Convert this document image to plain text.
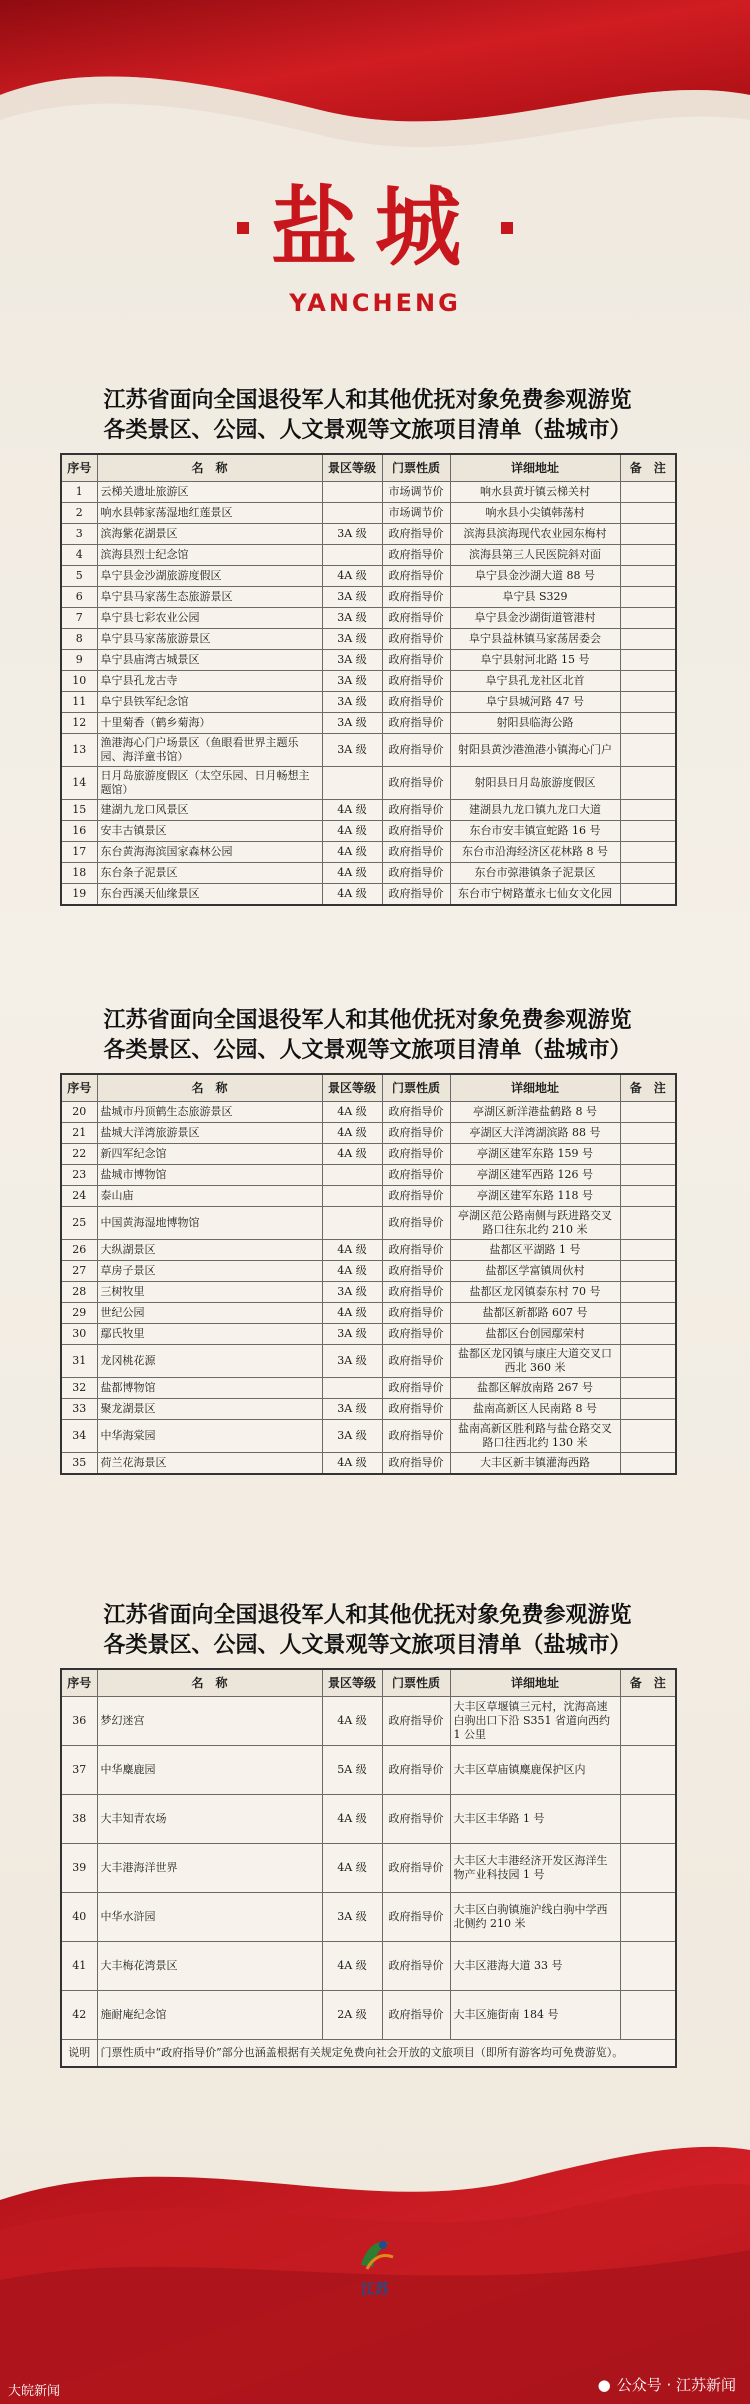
盐城
YANCHENG
江苏省面向全国退役军人和其他优抚对象免费参观游览
各类景区、公园、人文景观等文旅项目清单（盐城市）
序号	名　称	景区等级	门票性质	详细地址	备　注
1	云梯关遗址旅游区		市场调节价	响水县黄圩镇云梯关村	
2	响水县韩家荡湿地红莲景区		市场调节价	响水县小尖镇韩荡村	
3	滨海紫花湖景区	3A 级	政府指导价	滨海县滨海现代农业园东梅村	
4	滨海县烈士纪念馆		政府指导价	滨海县第三人民医院斜对面	
5	阜宁县金沙湖旅游度假区	4A 级	政府指导价	阜宁县金沙湖大道 88 号	
6	阜宁县马家荡生态旅游景区	3A 级	政府指导价	阜宁县 S329	
7	阜宁县七彩农业公园	3A 级	政府指导价	阜宁县金沙湖街道管港村	
8	阜宁县马家荡旅游景区	3A 级	政府指导价	阜宁县益林镇马家荡居委会	
9	阜宁县庙湾古城景区	3A 级	政府指导价	阜宁县射河北路 15 号	
10	阜宁县孔龙古寺	3A 级	政府指导价	阜宁县孔龙社区北首	
11	阜宁县铁军纪念馆	3A 级	政府指导价	阜宁县城河路 47 号	
12	十里菊香（鹤乡菊海）	3A 级	政府指导价	射阳县临海公路	
13	渔港海心门户场景区（鱼眼看世界主题乐园、海洋童书馆）	3A 级	政府指导价	射阳县黄沙港渔港小镇海心门户	
14	日月岛旅游度假区（太空乐园、日月畅想主题馆）		政府指导价	射阳县日月岛旅游度假区	
15	建湖九龙口风景区	4A 级	政府指导价	建湖县九龙口镇九龙口大道	
16	安丰古镇景区	4A 级	政府指导价	东台市安丰镇宣蛇路 16 号	
17	东台黄海海滨国家森林公园	4A 级	政府指导价	东台市沿海经济区花林路 8 号	
18	东台条子泥景区	4A 级	政府指导价	东台市弶港镇条子泥景区	
19	东台西溪天仙缘景区	4A 级	政府指导价	东台市宁树路董永七仙女文化园	
江苏省面向全国退役军人和其他优抚对象免费参观游览
各类景区、公园、人文景观等文旅项目清单（盐城市）
序号	名　称	景区等级	门票性质	详细地址	备　注
20	盐城市丹顶鹤生态旅游景区	4A 级	政府指导价	亭湖区新洋港盐鹤路 8 号	
21	盐城大洋湾旅游景区	4A 级	政府指导价	亭湖区大洋湾湖滨路 88 号	
22	新四军纪念馆	4A 级	政府指导价	亭湖区建军东路 159 号	
23	盐城市博物馆		政府指导价	亭湖区建军西路 126 号	
24	泰山庙		政府指导价	亭湖区建军东路 118 号	
25	中国黄海湿地博物馆		政府指导价	亭湖区范公路南侧与跃进路交叉路口往东北约 210 米	
26	大纵湖景区	4A 级	政府指导价	盐都区平湖路 1 号	
27	草房子景区	4A 级	政府指导价	盐都区学富镇周伙村	
28	三树牧里	3A 级	政府指导价	盐都区龙冈镇泰东村 70 号	
29	世纪公园	4A 级	政府指导价	盐都区新都路 607 号	
30	鄢氏牧里	3A 级	政府指导价	盐都区台创园鄢荣村	
31	龙冈桃花源	3A 级	政府指导价	盐都区龙冈镇与康庄大道交叉口西北 360 米	
32	盐都博物馆		政府指导价	盐都区解放南路 267 号	
33	聚龙湖景区	3A 级	政府指导价	盐南高新区人民南路 8 号	
34	中华海棠园	3A 级	政府指导价	盐南高新区胜利路与盐仓路交叉路口往西北约 130 米	
35	荷兰花海景区	4A 级	政府指导价	大丰区新丰镇灌海西路	
江苏省面向全国退役军人和其他优抚对象免费参观游览
各类景区、公园、人文景观等文旅项目清单（盐城市）
序号	名　称	景区等级	门票性质	详细地址	备　注
36	梦幻迷宫	4A 级	政府指导价	大丰区草堰镇三元村，沈海高速白驹出口下沿 S351 省道向西约 1 公里	
37	中华麋鹿园	5A 级	政府指导价	大丰区草庙镇麋鹿保护区内	
38	大丰知青农场	4A 级	政府指导价	大丰区丰华路 1 号	
39	大丰港海洋世界	4A 级	政府指导价	大丰区大丰港经济开发区海洋生物产业科技园 1 号	
40	中华水浒园	3A 级	政府指导价	大丰区白驹镇施沪线白驹中学西北侧约 210 米	
41	大丰梅花湾景区	4A 级	政府指导价	大丰区港海大道 33 号	
42	施耐庵纪念馆	2A 级	政府指导价	大丰区施街南 184 号	
说明	门票性质中“政府指导价”部分也涵盖根据有关规定免费向社会开放的文旅项目（即所有游客均可免费游览）。				
江苏
大皖新闻	● 公众号 · 江苏新闻
